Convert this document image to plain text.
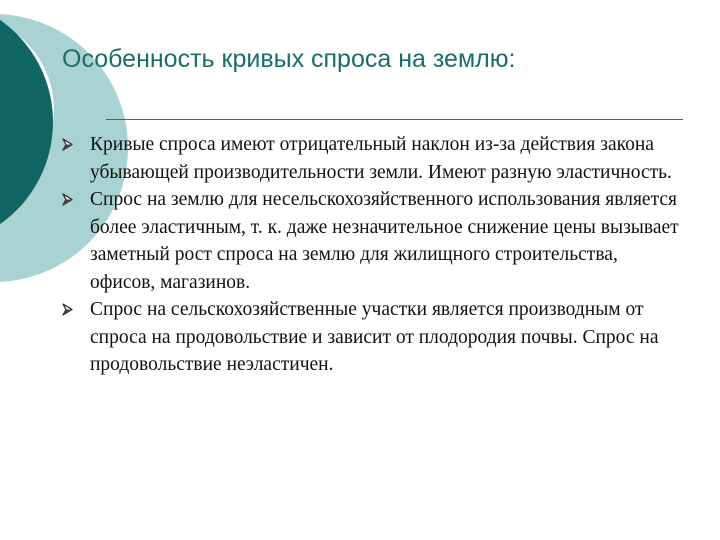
Особенность кривых спроса на землю:
Кривые спроса имеют отрицательный наклон из-за действия закона убывающей производительности земли. Имеют разную эластичность.
Спрос на землю для несельскохозяйственного использования является более эластичным, т. к. даже незначительное снижение цены вызывает заметный рост спроса на землю для жилищного строительства, офисов, магазинов.
Спрос на сельскохозяйственные участки является производным от спроса на продовольствие и зависит от плодородия почвы. Спрос на продовольствие неэластичен.
